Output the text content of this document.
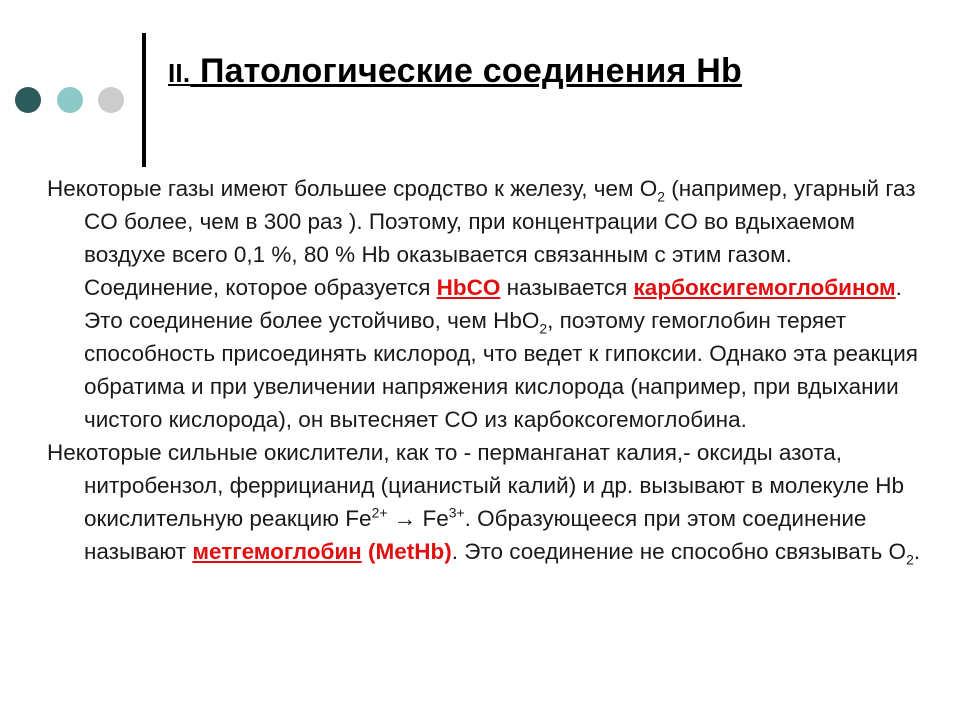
II. Патологические соединения Hb

Некоторые газы имеют большее сродство к железу, чем $O_2$ (например, угарный газ CO более, чем в 300 раз ). Поэтому, при концентрации CO во вдыхаемом воздухе всего 0,1 %, 80 % Hb оказывается связанным с этим газом. Соединение, которое образуется HbCO называется карбоксигемоглобином. Это соединение более устойчиво, чем HbO$_2$, поэтому гемоглобин теряет способность присоединять кислород, что ведет к гипоксии. Однако эта реакция обратима и при увеличении напряжения кислорода (например, при вдыхании чистого кислорода), он вытесняет CO из карбоксогемоглобина.

Некоторые сильные окислители, как то - перманганат калия,- оксиды азота, нитробензол, феррицианид (цианистый калий) и др. вызывают в молекуле Hb окислительную реакцию $Fe^{2+} \to Fe^{3+}$. Образующееся при этом соединение называют метгемоглобин (MetHb). Это соединение не способно связывать $O_2$.
